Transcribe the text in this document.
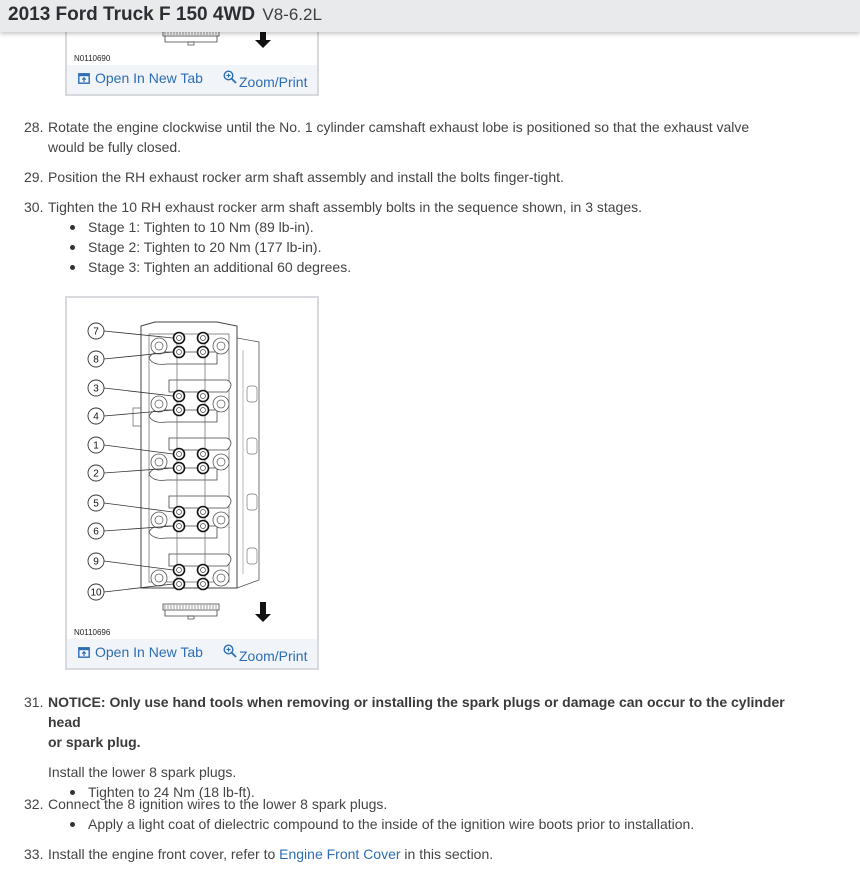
2013 Ford Truck F 150 4WD V8-6.2L
N0110690
Open In New Tab	Zoom/Print
28. Rotate the engine clockwise until the No. 1 cylinder camshaft exhaust lobe is positioned so that the exhaust valve
would be fully closed.
29. Position the RH exhaust rocker arm shaft assembly and install the bolts finger-tight.
30. Tighten the 10 RH exhaust rocker arm shaft assembly bolts in the sequence shown, in 3 stages.
Stage 1: Tighten to 10 Nm (89 lb-in).
Stage 2: Tighten to 20 Nm (177 lb-in).
Stage 3: Tighten an additional 60 degrees.
7
8
3
4
1
2
5
6
9
10
N0110696
Open In New Tab	Zoom/Print
31. NOTICE: Only use hand tools when removing or installing the spark plugs or damage can occur to the cylinder head
or spark plug.
Install the lower 8 spark plugs.
Tighten to 24 Nm (18 lb-ft).
32. Connect the 8 ignition wires to the lower 8 spark plugs.
Apply a light coat of dielectric compound to the inside of the ignition wire boots prior to installation.
33. Install the engine front cover, refer to Engine Front Cover in this section.
